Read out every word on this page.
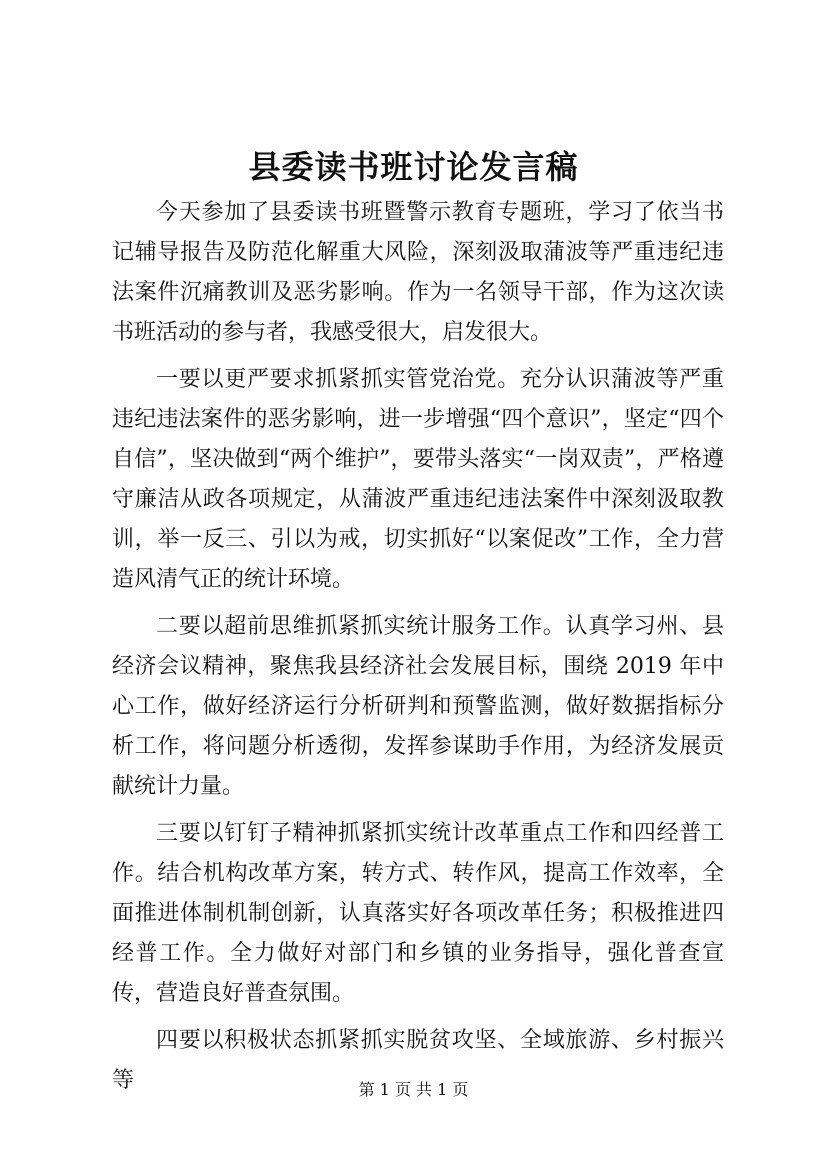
县委读书班讨论发言稿

今天参加了县委读书班暨警示教育专题班，学习了依当书记辅导报告及防范化解重大风险，深刻汲取蒲波等严重违纪违法案件沉痛教训及恶劣影响。作为一名领导干部，作为这次读书班活动的参与者，我感受很大，启发很大。

一要以更严要求抓紧抓实管党治党。充分认识蒲波等严重违纪违法案件的恶劣影响，进一步增强“四个意识”，坚定“四个自信”，坚决做到“两个维护”，要带头落实“一岗双责”，严格遵守廉洁从政各项规定，从蒲波严重违纪违法案件中深刻汲取教训，举一反三、引以为戒，切实抓好“以案促改”工作，全力营造风清气正的统计环境。

二要以超前思维抓紧抓实统计服务工作。认真学习州、县经济会议精神，聚焦我县经济社会发展目标，围绕 2019 年中心工作，做好经济运行分析研判和预警监测，做好数据指标分析工作，将问题分析透彻，发挥参谋助手作用，为经济发展贡献统计力量。

三要以钉钉子精神抓紧抓实统计改革重点工作和四经普工作。结合机构改革方案，转方式、转作风，提高工作效率，全面推进体制机制创新，认真落实好各项改革任务；积极推进四经普工作。全力做好对部门和乡镇的业务指导，强化普查宣传，营造良好普查氛围。

四要以积极状态抓紧抓实脱贫攻坚、全域旅游、乡村振兴等	第 1 页 共 1 页
